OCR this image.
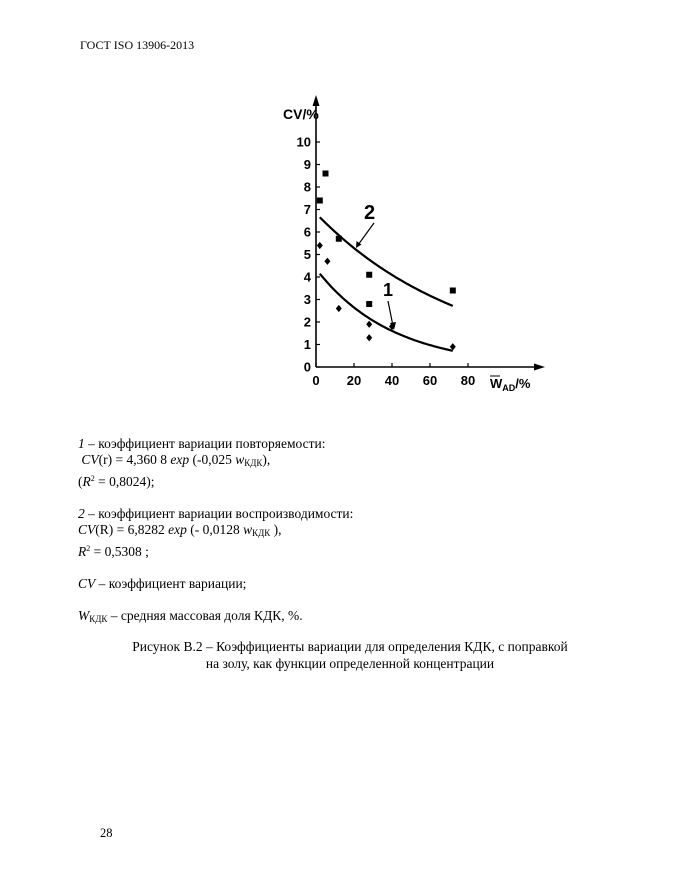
ГОСТ ISO 13906-2013
0
1
2
3
4
5
6
7
8
9
10
0 20 40 60 80
CV/%
$W_{AD}/\%$
2
1

1 – коэффициент вариации повторяемости:

CV(r) = 4,360 8 exp (-0,025 $w_{КДК}$),

$(R^2 = 0,8024)$;

2 – коэффициент вариации воспроизводимости:

CV(R) = 6,8282 exp (- 0,0128 $w_{КДК}$ ),

$R^2 = 0,5308$ ;

CV – коэффициент вариации;

$W_{КДК}$ – средняя массовая доля КДК, %.

Рисунок B.2 – Коэффициенты вариации для определения КДК, с поправкой
на золу, как функции определенной концентрации
28
